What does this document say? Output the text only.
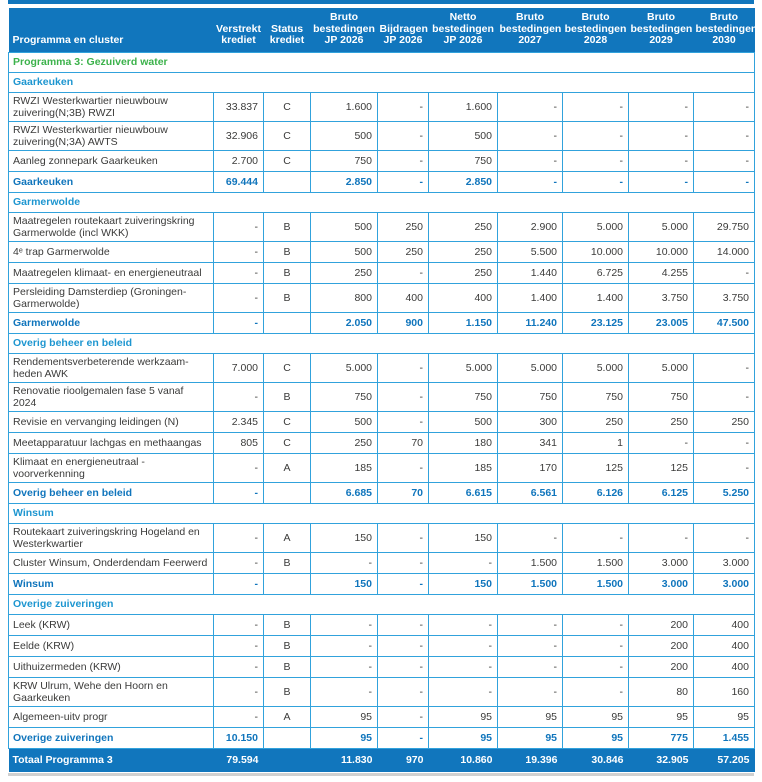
Programma en cluster	Verstrekt krediet	Status krediet	Bruto bestedingen JP 2026	Bijdragen JP 2026	Netto bestedingen JP 2026	Bruto bestedingen 2027	Bruto bestedingen 2028	Bruto bestedingen 2029	Bruto bestedingen 2030
Programma 3: Gezuiverd water									
Gaarkeuken									
RWZI Westerkwartier nieuwbouw zuivering(N;3B) RWZI	33.837	C	1.600	-	1.600	-	-	-	-
RWZI Westerkwartier nieuwbouw zuivering(N;3A) AWTS	32.906	C	500	-	500	-	-	-	-
Aanleg zonnepark Gaarkeuken	2.700	C	750	-	750	-	-	-	-
Gaarkeuken	69.444		2.850	-	2.850	-	-	-	-
Garmerwolde									
Maatregelen routekaart zuiveringskring Garmerwolde (incl WKK)	-	B	500	250	250	2.900	5.000	5.000	29.750
4ᵉ trap Garmerwolde	-	B	500	250	250	5.500	10.000	10.000	14.000
Maatregelen klimaat- en energieneutraal	-	B	250	-	250	1.440	6.725	4.255	-
Persleiding Damsterdiep (Groningen-Garmerwolde)	-	B	800	400	400	1.400	1.400	3.750	3.750
Garmerwolde	-		2.050	900	1.150	11.240	23.125	23.005	47.500
Overig beheer en beleid									
Rendementsverbeterende werkzaam-heden AWK	7.000	C	5.000	-	5.000	5.000	5.000	5.000	-
Renovatie rioolgemalen fase 5 vanaf 2024	-	B	750	-	750	750	750	750	-
Revisie en vervanging leidingen (N)	2.345	C	500	-	500	300	250	250	250
Meetapparatuur lachgas en methaangas	805	C	250	70	180	341	1	-	-
Klimaat en energieneutraal - voorverkenning	-	A	185	-	185	170	125	125	-
Overig beheer en beleid	-		6.685	70	6.615	6.561	6.126	6.125	5.250
Winsum									
Routekaart zuiveringskring Hogeland en Westerkwartier	-	A	150	-	150	-	-	-	-
Cluster Winsum, Onderdendam Feerwerd	-	B	-	-	-	1.500	1.500	3.000	3.000
Winsum	-		150	-	150	1.500	1.500	3.000	3.000
Overige zuiveringen									
Leek (KRW)	-	B	-	-	-	-	-	200	400
Eelde (KRW)	-	B	-	-	-	-	-	200	400
Uithuizermeden (KRW)	-	B	-	-	-	-	-	200	400
KRW Ulrum, Wehe den Hoorn en Gaarkeuken	-	B	-	-	-	-	-	80	160
Algemeen-uitv progr	-	A	95	-	95	95	95	95	95
Overige zuiveringen	10.150		95	-	95	95	95	775	1.455
Totaal Programma 3	79.594		11.830	970	10.860	19.396	30.846	32.905	57.205
